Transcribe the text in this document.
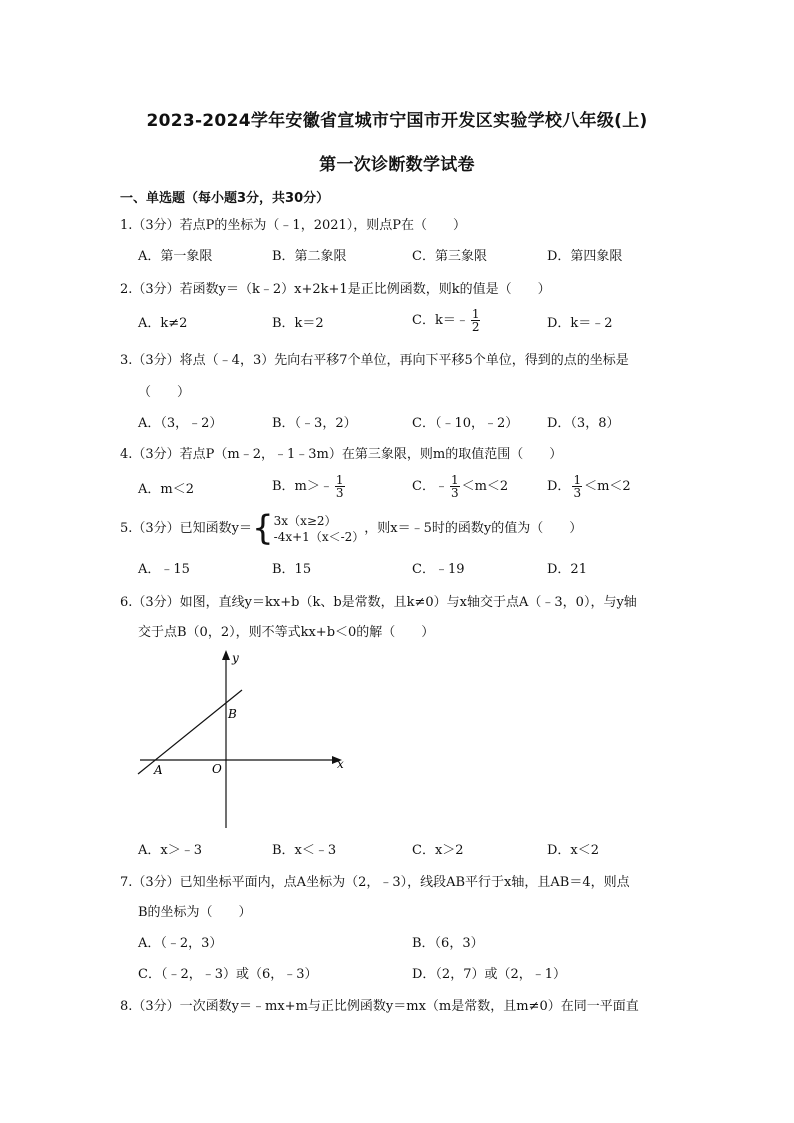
2023-2024学年安徽省宣城市宁国市开发区实验学校八年级(上)
第一次诊断数学试卷
一、单选题（每小题3分，共30分）
1.（3分）若点P的坐标为（﹣1，2021），则点P在（　　）
A．第一象限	B．第二象限	C．第三象限	D．第四象限
2.（3分）若函数y＝（k﹣2）x+2k+1是正比例函数，则k的值是（　　）
A．k≠2	B．k＝2	C．k＝﹣ $\frac{1}{2}$	D．k＝﹣2
3.（3分）将点（﹣4，3）先向右平移7个单位，再向下平移5个单位，得到的点的坐标是
（　　）
A．（3，﹣2）	B．（﹣3，2）	C．（﹣10，﹣2） D．（3，8）
4.（3分）若点P（m﹣2，﹣1﹣3m）在第三象限，则m的取值范围（　　）
A．m＜2	B．m＞﹣ $\frac{1}{3}$	C．﹣ $\frac{1}{3} <m<2$	D． $\frac{1}{3} <m<2$
5.（3分）已知函数y＝{ 3x（x≥2）
-4x+1（x＜-2）
，则x＝﹣5时的函数y的值为（　　）
A．﹣15	B．15	C．﹣19	D．21
6.（3分）如图，直线y＝kx+b（k、b是常数，且k≠0）与x轴交于点A（﹣3，0），与y轴
交于点B（0，2），则不等式kx+b＜0的解（　　）
y
x
B
A	O
A．x＞﹣3	B．x＜﹣3	C．x＞2	D．x＜2
7.（3分）已知坐标平面内，点A坐标为（2，﹣3），线段AB平行于x轴，且AB＝4，则点
B的坐标为（　　）
A．（﹣2，3）	B．（6，3）
C．（﹣2，﹣3）或（6，﹣3）	D．（2，7）或（2，﹣1）
8.（3分）一次函数y＝﹣mx+m与正比例函数y＝mx（m是常数，且m≠0）在同一平面直
